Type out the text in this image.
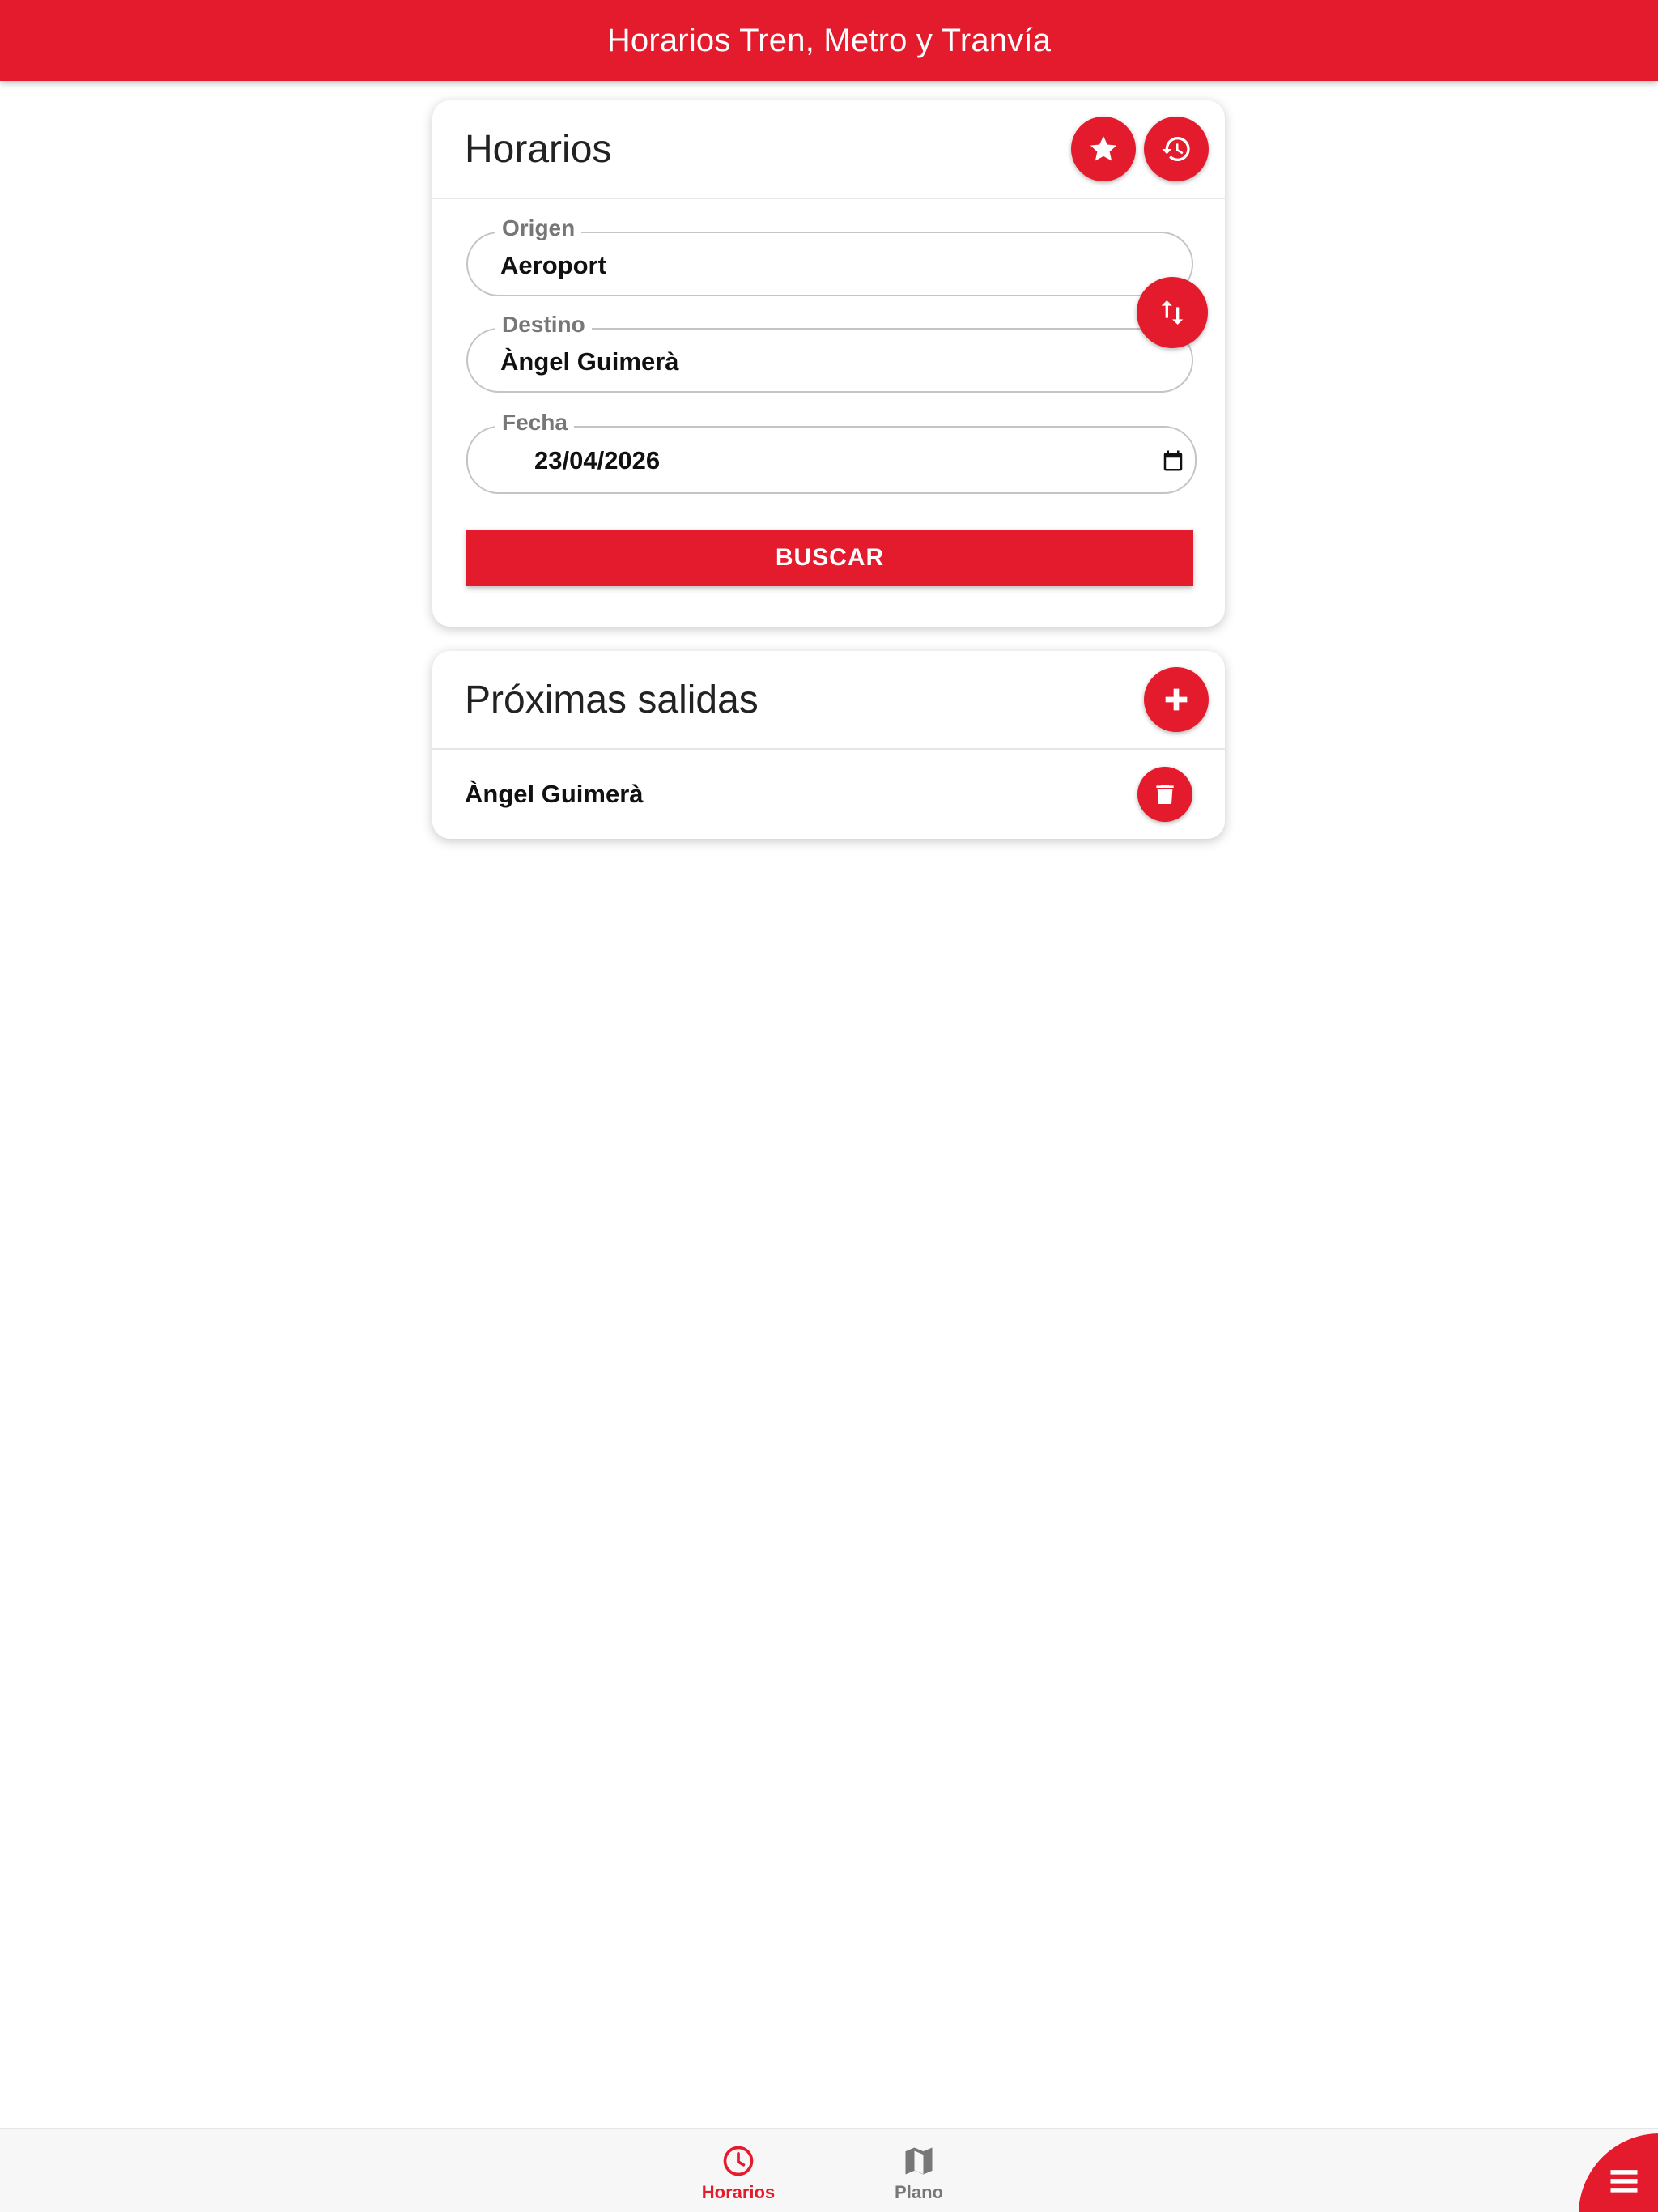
Horarios Tren, Metro y Tranvía
Horarios
Origen
Aeroport
Destino
Àngel Guimerà
Fecha
23/04/2026
BUSCAR
Próximas salidas
Àngel Guimerà
Horarios	Plano
